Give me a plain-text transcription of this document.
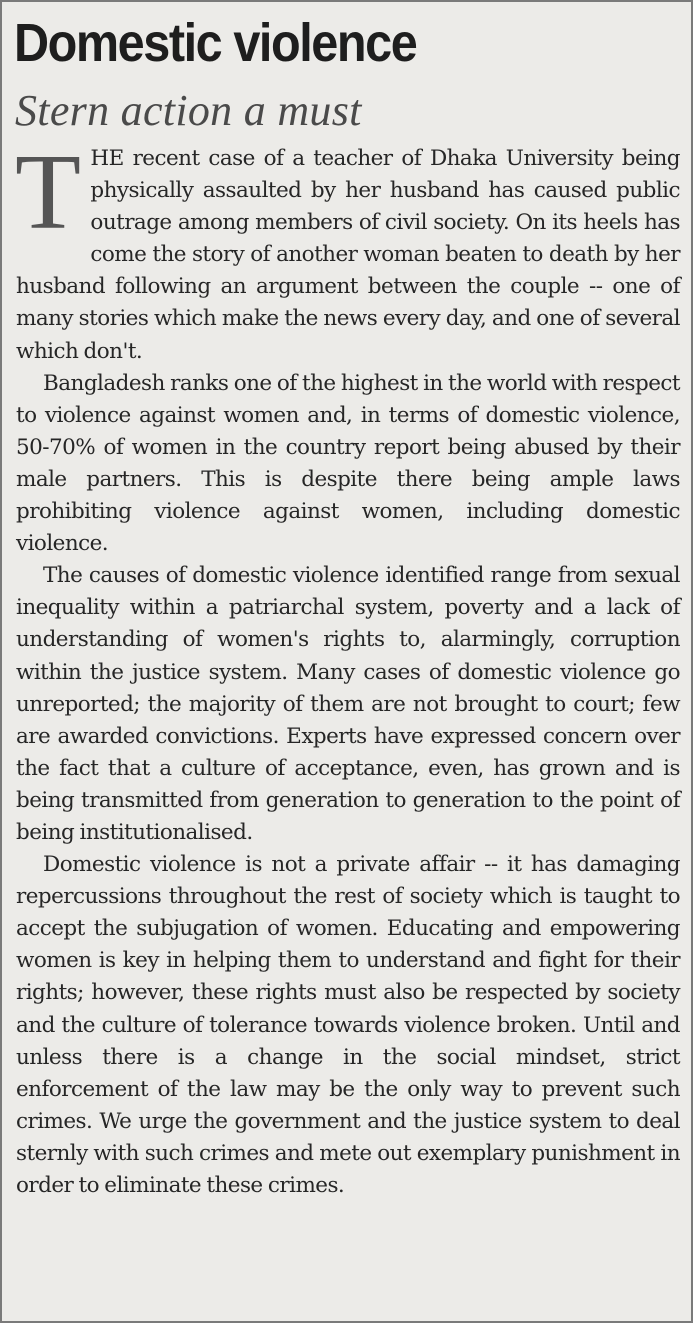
Domestic violence
Stern action a must

THE recent case of a teacher of Dhaka University being physically assaulted by her husband has caused public outrage among members of civil society. On its heels has come the story of another woman beaten to death by her husband following an argument between the couple -- one of many stories which make the news every day, and one of several which don't.

Bangladesh ranks one of the highest in the world with respect to violence against women and, in terms of domestic violence, 50-70% of women in the country report being abused by their male partners. This is despite there being ample laws prohibiting violence against women, including domestic violence.

The causes of domestic violence identified range from sexual inequality within a patriarchal system, poverty and a lack of understanding of women's rights to, alarmingly, corruption within the justice system. Many cases of domestic violence go unreported; the majority of them are not brought to court; few are awarded convictions. Experts have expressed concern over the fact that a culture of acceptance, even, has grown and is being transmitted from generation to generation to the point of being institutionalised.

Domestic violence is not a private affair -- it has damaging repercussions throughout the rest of society which is taught to accept the subjugation of women. Educating and empowering women is key in helping them to understand and fight for their rights; however, these rights must also be respected by society and the culture of tolerance towards violence broken. Until and unless there is a change in the social mindset, strict enforcement of the law may be the only way to prevent such crimes. We urge the government and the justice system to deal sternly with such crimes and mete out exemplary punishment in order to eliminate these crimes.
